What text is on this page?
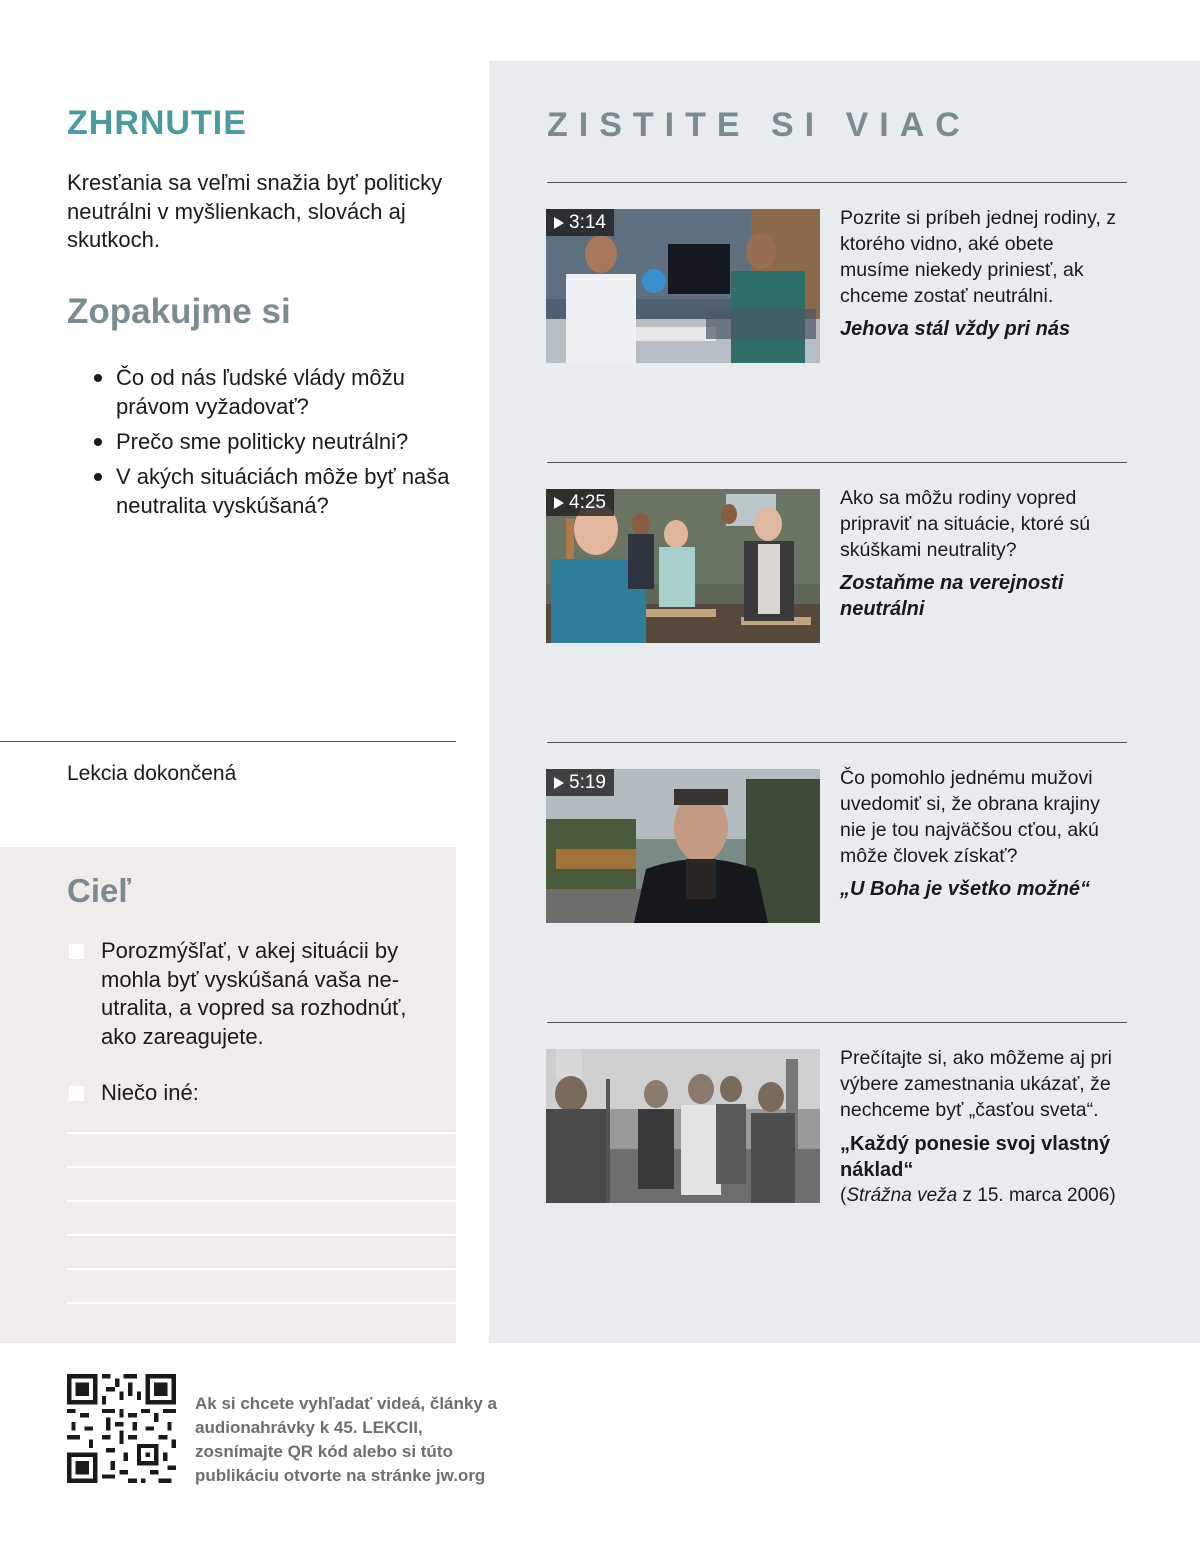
ZHRNUTIE

Kresťania sa veľmi snažia byť politicky neutrálni v myšlienkach, slovách aj skutkoch.

Zopakujme si
Čo od nás ľudské vlády môžu právom vyžadovať?
Prečo sme politicky neutrálni?
V akých situáciách môže byť naša neutralita vyskúšaná?
Lekcia dokončená
Cieľ
Porozmýšľať, v akej situácii by mohla byť vyskúšaná vaša ne- utralita, a vopred sa rozhodnúť, ako zareagujete.
Niečo iné:
ZISTITE SI VIAC
3:14	Pozrite si príbeh jednej rodiny, z ktorého vidno, aké obete musíme niekedy priniesť, ak chceme zostať neutrálni.

Jehova stál vždy pri nás

4:25	Ako sa môžu rodiny vopred pripraviť na situácie, ktoré sú skúškami neutrality?

Zostaňme na verejnosti neutrálni

5:19	Čo pomohlo jednému mužovi uvedomiť si, že obrana krajiny nie je tou najväčšou cťou, akú môže človek získať?

„U Boha je všetko možné“

Prečítajte si, ako môžeme aj pri výbere zamestnania ukázať, že nechceme byť „časťou sveta“.

„Každý ponesie svoj vlastný náklad“

(Strážna veža z 15. marca 2006)
Ak si chcete vyhľadať videá, články a audionahrávky k 45. LEKCII, zosnímajte QR kód alebo si túto publikáciu otvorte na stránke jw.org
